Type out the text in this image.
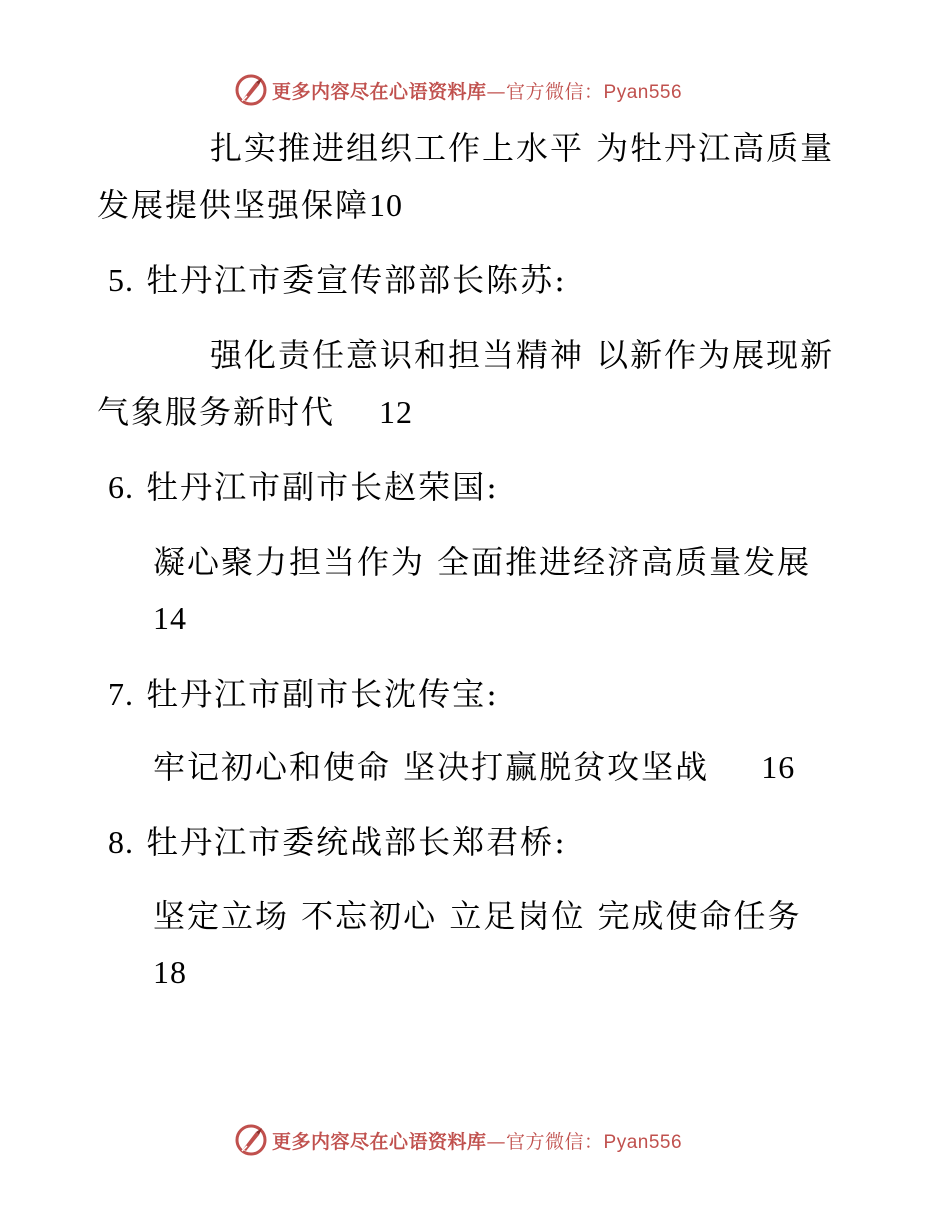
更多内容尽在心语资料库—官方微信：Pyan556
扎实推进组织工作上水平 为牡丹江高质量
发展提供坚强保障10
5. 牡丹江市委宣传部部长陈苏:
强化责任意识和担当精神 以新作为展现新
气象服务新时代 12
6. 牡丹江市副市长赵荣国:
凝心聚力担当作为 全面推进经济高质量发展
14
7. 牡丹江市副市长沈传宝:
牢记初心和使命 坚决打赢脱贫攻坚战 16
8. 牡丹江市委统战部长郑君桥:
坚定立场 不忘初心 立足岗位 完成使命任务
18
更多内容尽在心语资料库—官方微信：Pyan556
